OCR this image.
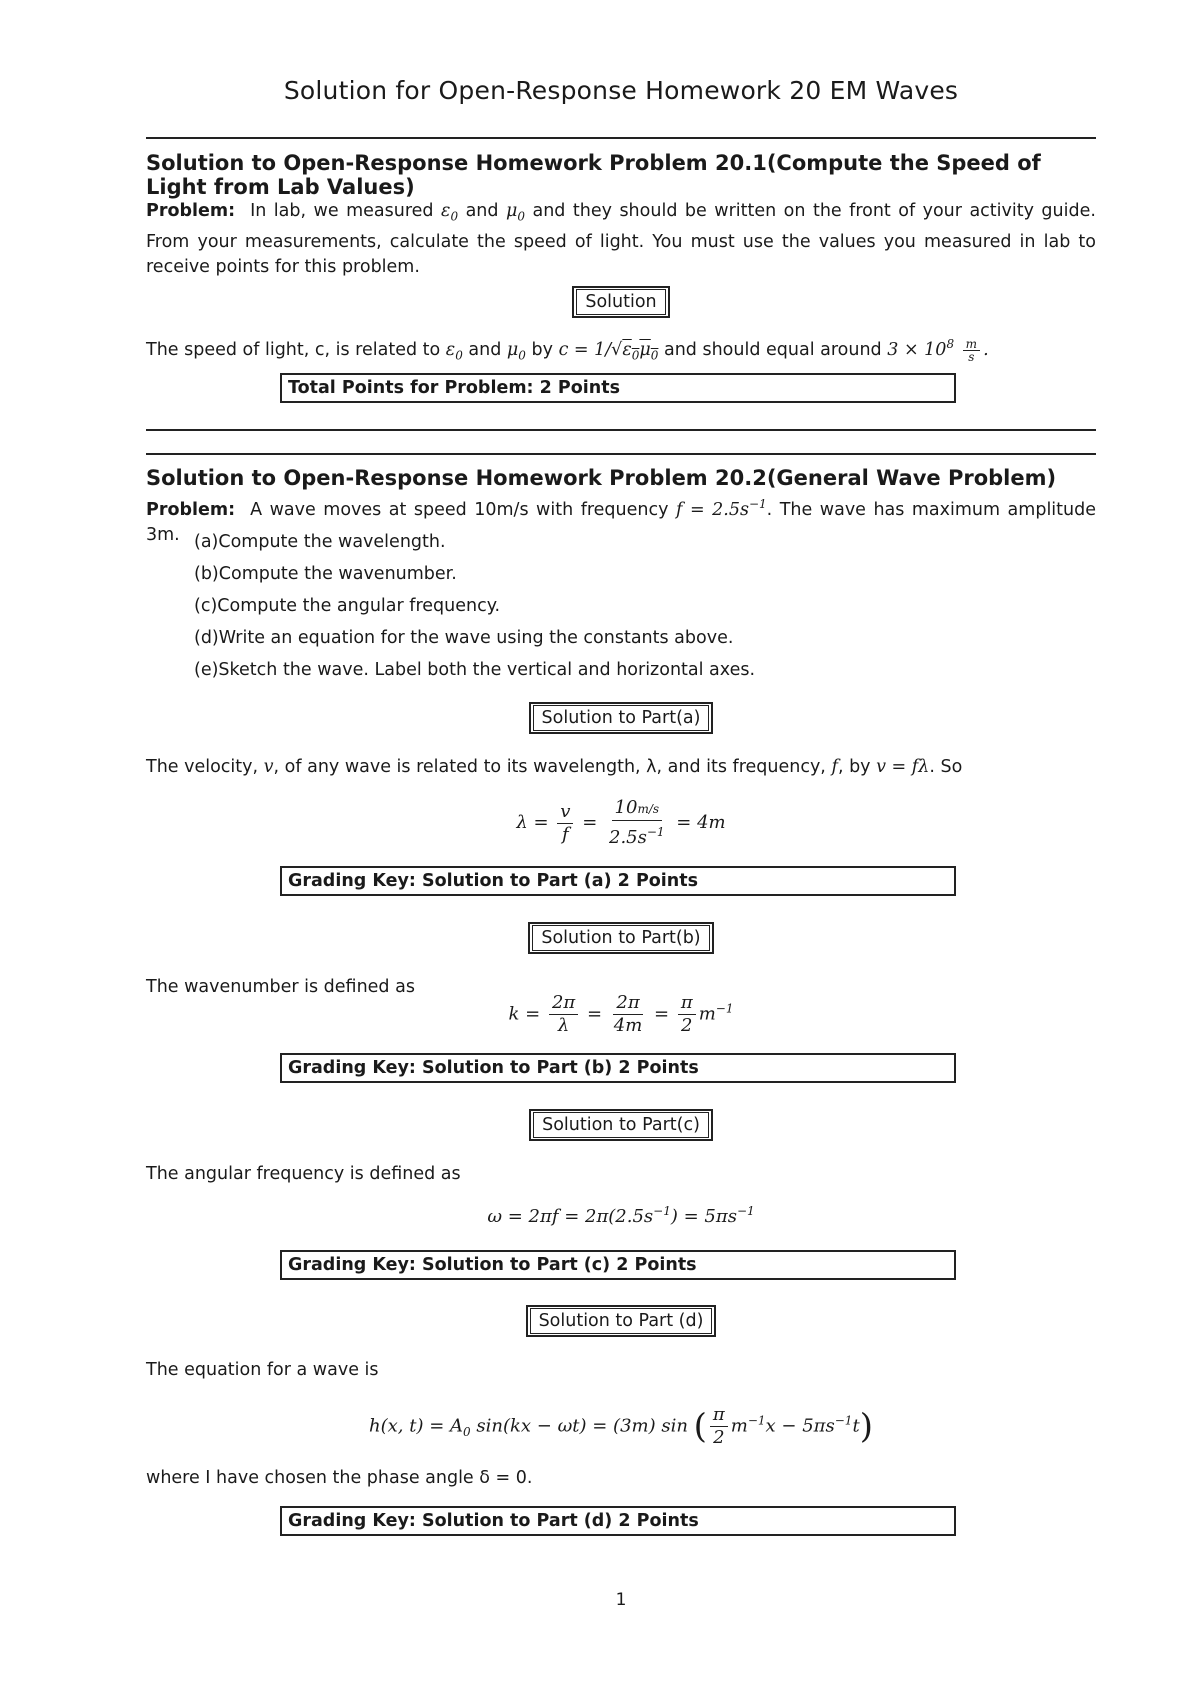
Solution for Open-Response Homework 20 EM Waves
Solution to Open-Response Homework Problem 20.1(Compute the Speed of Light from Lab Values)
Problem: In lab, we measured $\varepsilon_0$ and $\mu_0$ and they should be written on the front of your activity guide. From your measurements, calculate the speed of light. You must use the values you measured in lab to receive points for this problem.
Solution
The speed of light, c, is related to $\varepsilon_0$ and $\mu_0$ by $c = 1/√\varepsilon_0\mu_0$ and should equal around $3 \times 10^8 \frac{m}{s}$ .
Total Points for Problem: 2 Points
Solution to Open-Response Homework Problem 20.2(General Wave Problem)
Problem: A wave moves at speed 10m/s with frequency $f = 2.5s^{-1}$. The wave has maximum amplitude 3m. (a)Compute the wavelength.
(b)Compute the wavenumber.
(c)Compute the angular frequency.
(d)Write an equation for the wave using the constants above.
(e)Sketch the wave. Label both the vertical and horizontal axes.
Solution to Part(a)
The velocity, v, of any wave is related to its wavelength, λ, and its frequency, f, by v = fλ. So
$\lambda = \frac{v}{f} = \frac{10m/s}{2.5s^{-1}} = 4m$
Grading Key: Solution to Part (a) 2 Points
Solution to Part(b)
The wavenumber is defined as
$k = \frac{2\pi}{\lambda} = \frac{2\pi}{4m} = \frac{\pi}{2} m^{-1}$
Grading Key: Solution to Part (b) 2 Points
Solution to Part(c)
The angular frequency is defined as
$\omega = 2\pi f = 2\pi(2.5s^{-1}) = 5\pi s^{-1}$
Grading Key: Solution to Part (c) 2 Points
Solution to Part (d)
The equation for a wave is
h(x, $t) = A_0$ sin(kx − ωt) = (3m) sin ( $\frac{\pi}{2} m^{-1}x - 5\pi s^{-1}t$)
where I have chosen the phase angle δ = 0.
Grading Key: Solution to Part (d) 2 Points
1
